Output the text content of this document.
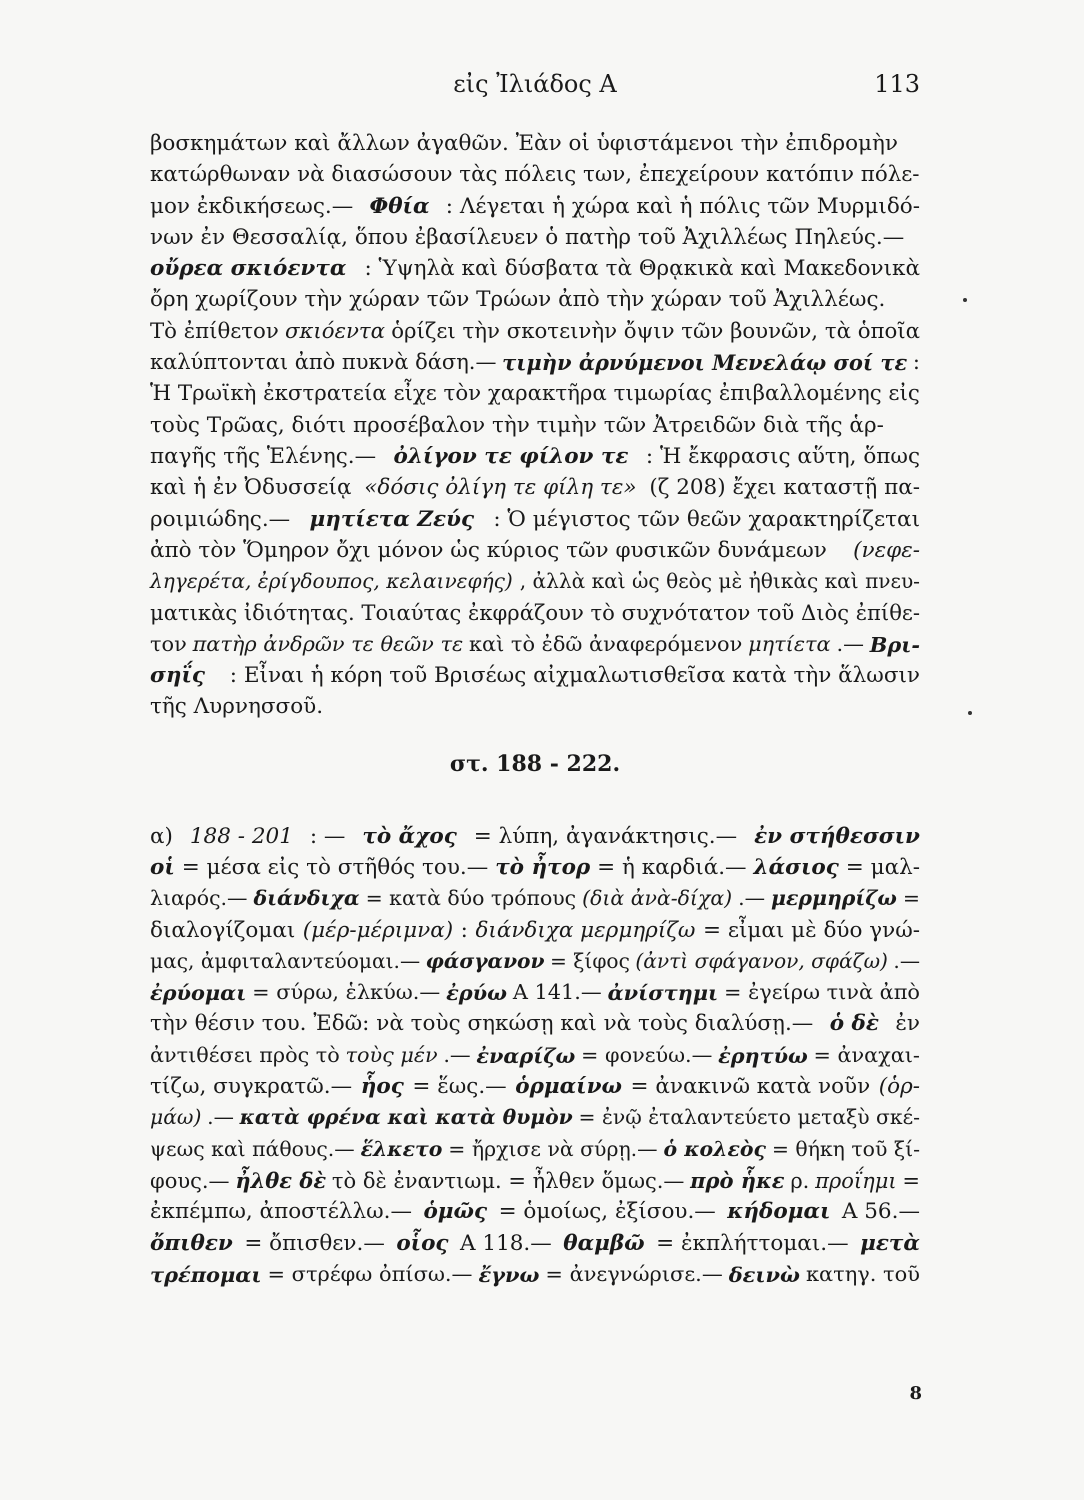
εἰς Ἰλιάδος Α	113
βοσκημάτων καὶ ἄλλων ἀγαθῶν. Ἐὰν οἱ ὑφιστάμενοι τὴν ἐπιδρομὴν
κατώρθωναν νὰ διασώσουν τὰς πόλεις των, ἐπεχείρουν κατόπιν πόλε-
μον ἐκδικήσεως.— Φθία : Λέγεται ἡ χώρα καὶ ἡ πόλις τῶν Μυρμιδό-
νων ἐν Θεσσαλίᾳ, ὅπου ἐβασίλευεν ὁ πατὴρ τοῦ Ἀχιλλέως Πηλεύς.—
οὔρεα σκιόεντα : Ὑψηλὰ καὶ δύσβατα τὰ Θρᾳκικὰ καὶ Μακεδονικὰ
ὄρη χωρίζουν τὴν χώραν τῶν Τρώων ἀπὸ τὴν χώραν τοῦ Ἀχιλλέως.
Τὸ ἐπίθετον σκιόεντα ὁρίζει τὴν σκοτεινὴν ὄψιν τῶν βουνῶν, τὰ ὁποῖα
καλύπτονται ἀπὸ πυκνὰ δάση.— τιμὴν ἀρνύμενοι Μενελάῳ σοί τε :
Ἡ Τρωϊκὴ ἐκστρατεία εἶχε τὸν χαρακτῆρα τιμωρίας ἐπιβαλλομένης εἰς
τοὺς Τρῶας, διότι προσέβαλον τὴν τιμὴν τῶν Ἀτρειδῶν διὰ τῆς ἁρ-
παγῆς τῆς Ἑλένης.— ὀλίγον τε φίλον τε : Ἡ ἔκφρασις αὕτη, ὅπως
καὶ ἡ ἐν Ὀδυσσείᾳ «δόσις ὀλίγη τε φίλη τε» (ζ 208) ἔχει καταστῇ πα-
ροιμιώδης.— μητίετα Ζεύς : Ὁ μέγιστος τῶν θεῶν χαρακτηρίζεται
ἀπὸ τὸν Ὅμηρον ὄχι μόνον ὡς κύριος τῶν φυσικῶν δυνάμεων (νεφε-
ληγερέτα, ἐρίγδουπος, κελαινεφής) , ἀλλὰ καὶ ὡς θεὸς μὲ ἠθικὰς καὶ πνευ-
ματικὰς ἰδιότητας. Τοιαύτας ἐκφράζουν τὸ συχνότατον τοῦ Διὸς ἐπίθε-
τον πατὴρ ἀνδρῶν τε θεῶν τε καὶ τὸ ἐδῶ ἀναφερόμενον μητίετα .— Βρι-
σηΐς : Εἶναι ἡ κόρη τοῦ Βρισέως αἰχμαλωτισθεῖσα κατὰ τὴν ἅλωσιν
τῆς Λυρνησσοῦ.
στ. 188 - 222.
α) 188 - 201 : — τὸ ἄχος = λύπη, ἀγανάκτησις.— ἐν στήθεσσιν
οἱ = μέσα εἰς τὸ στῆθός του.— τὸ ἦτορ = ἡ καρδιά.— λάσιος = μαλ-
λιαρός.— διάνδιχα = κατὰ δύο τρόπους (διὰ ἀνὰ-δίχα) .— μερμηρίζω =
διαλογίζομαι (μέρ-μέριμνα) : διάνδιχα μερμηρίζω = εἶμαι μὲ δύο γνώ-
μας, ἀμφιταλαντεύομαι.— φάσγανον = ξίφος (ἀντὶ σφάγανον, σφάζω) .—
ἐρύομαι = σύρω, ἑλκύω.— ἐρύω Α 141.— ἀνίστημι = ἐγείρω τινὰ ἀπὸ
τὴν θέσιν του. Ἐδῶ: νὰ τοὺς σηκώσῃ καὶ νὰ τοὺς διαλύσῃ.— ὁ δὲ ἐν
ἀντιθέσει πρὸς τὸ τοὺς μέν .— ἐναρίζω = φονεύω.— ἐρητύω = ἀναχαι-
τίζω, συγκρατῶ.— ἧος = ἕως.— ὁρμαίνω = ἀνακινῶ κατὰ νοῦν (ὁρ-
μάω) .— κατὰ φρένα καὶ κατὰ θυμὸν = ἐνῷ ἐταλαντεύετο μεταξὺ σκέ-
ψεως καὶ πάθους.— ἕλκετο = ἤρχισε νὰ σύρῃ.— ὁ κολεὸς = θήκη τοῦ ξί-
φους.— ἦλθε δὲ τὸ δὲ ἐναντιωμ. = ἦλθεν ὅμως.— πρὸ ἧκε ρ. προΐημι =
ἐκπέμπω, ἀποστέλλω.— ὁμῶς = ὁμοίως, ἐξίσου.— κήδομαι Α 56.—
ὄπιθεν = ὄπισθεν.— οἷος Α 118.— θαμβῶ = ἐκπλήττομαι.— μετὰ
τρέπομαι = στρέφω ὀπίσω.— ἔγνω = ἀνεγνώρισε.— δεινὼ κατηγ. τοῦ
8
